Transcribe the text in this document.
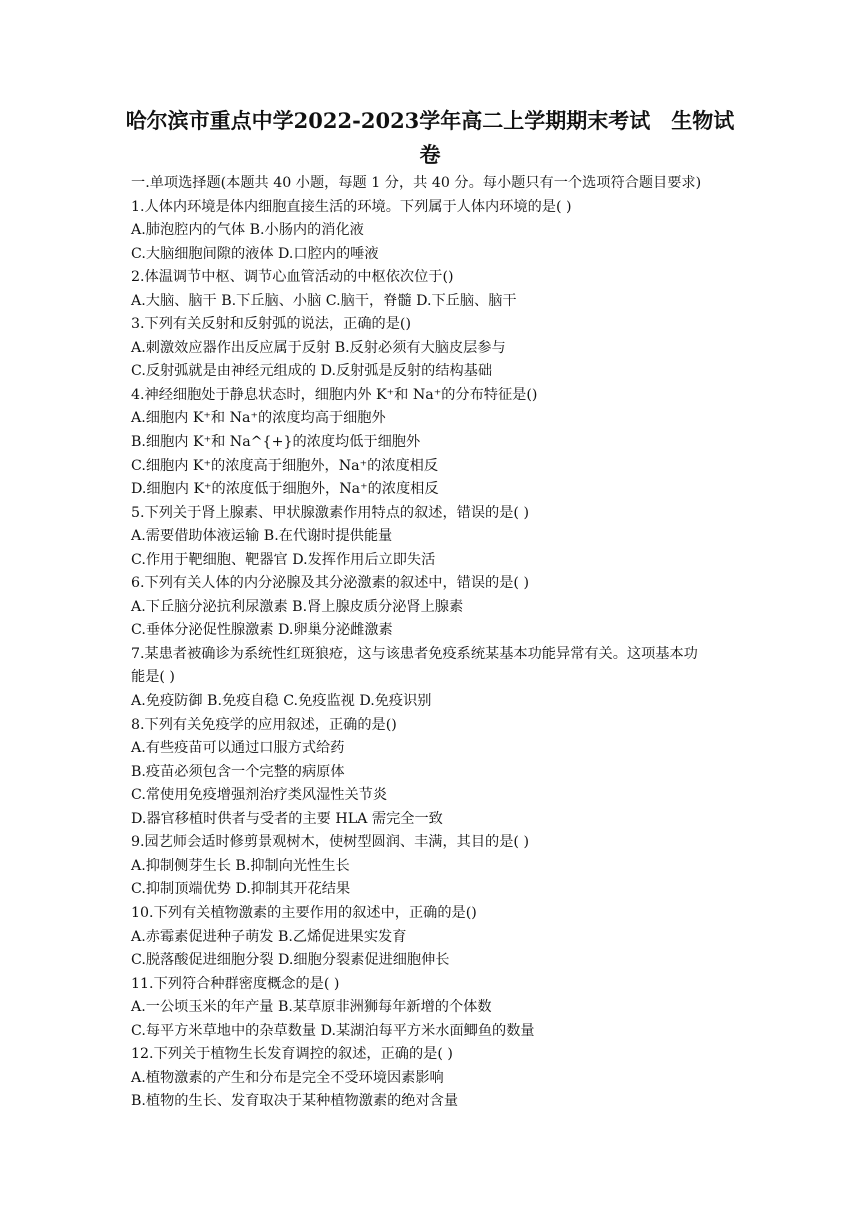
哈尔滨市重点中学2022-2023学年高二上学期期末考试　生物试
卷
一.单项选择题(本题共 40 小题，每题 1 分，共 40 分。每小题只有一个选项符合题目要求)
1.人体内环境是体内细胞直接生活的环境。下列属于人体内环境的是( )
A.肺泡腔内的气体 B.小肠内的消化液
C.大脑细胞间隙的液体 D.口腔内的唾液
2.体温调节中枢、调节心血管活动的中枢依次位于()
A.大脑、脑干 B.下丘脑、小脑 C.脑干，脊髓 D.下丘脑、脑干
3.下列有关反射和反射弧的说法，正确的是()
A.刺激效应器作出反应属于反射 B.反射必须有大脑皮层参与
C.反射弧就是由神经元组成的 D.反射弧是反射的结构基础
4.神经细胞处于静息状态时，细胞内外 K⁺和 Na⁺的分布特征是()
A.细胞内 K⁺和 Na⁺的浓度均高于细胞外
B.细胞内 K⁺和 Na^{+}的浓度均低于细胞外
C.细胞内 K⁺的浓度高于细胞外，Na⁺的浓度相反
D.细胞内 K⁺的浓度低于细胞外，Na⁺的浓度相反
5.下列关于肾上腺素、甲状腺激素作用特点的叙述，错误的是( )
A.需要借助体液运输 B.在代谢时提供能量
C.作用于靶细胞、靶器官 D.发挥作用后立即失活
6.下列有关人体的内分泌腺及其分泌激素的叙述中，错误的是( )
A.下丘脑分泌抗利尿激素 B.肾上腺皮质分泌肾上腺素
C.垂体分泌促性腺激素 D.卵巢分泌雌激素
7.某患者被确诊为系统性红斑狼疮，这与该患者免疫系统某基本功能异常有关。这项基本功
能是( )
A.免疫防御 B.免疫自稳 C.免疫监视 D.免疫识别
8.下列有关免疫学的应用叙述，正确的是()
A.有些疫苗可以通过口服方式给药
B.疫苗必须包含一个完整的病原体
C.常使用免疫增强剂治疗类风湿性关节炎
D.器官移植时供者与受者的主要 HLA 需完全一致
9.园艺师会适时修剪景观树木，使树型圆润、丰满，其目的是( )
A.抑制侧芽生长 B.抑制向光性生长
C.抑制顶端优势 D.抑制其开花结果
10.下列有关植物激素的主要作用的叙述中，正确的是()
A.赤霉素促进种子萌发 B.乙烯促进果实发育
C.脱落酸促进细胞分裂 D.细胞分裂素促进细胞伸长
11.下列符合种群密度概念的是( )
A.一公顷玉米的年产量 B.某草原非洲狮每年新增的个体数
C.每平方米草地中的杂草数量 D.某湖泊每平方米水面鲫鱼的数量
12.下列关于植物生长发育调控的叙述，正确的是( )
A.植物激素的产生和分布是完全不受环境因素影响
B.植物的生长、发育取决于某种植物激素的绝对含量
